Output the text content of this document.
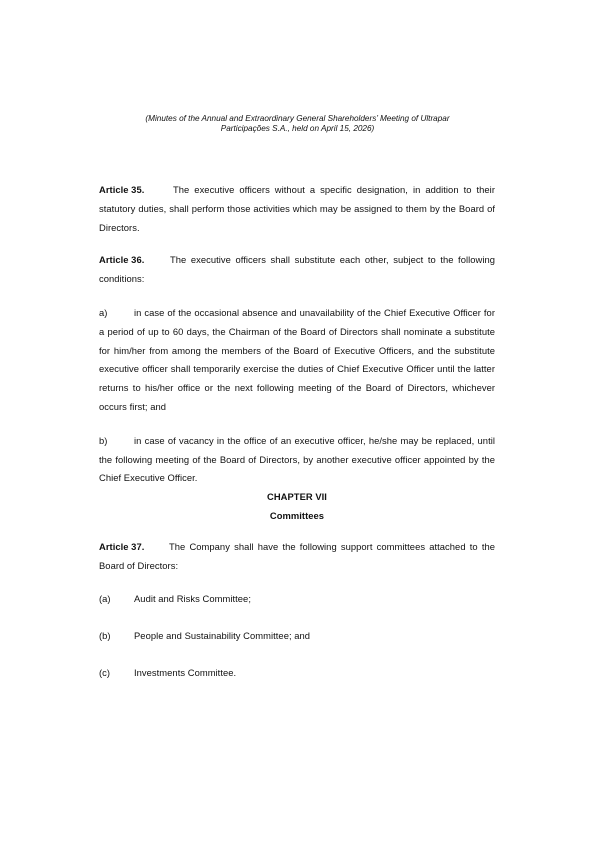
(Minutes of the Annual and Extraordinary General Shareholders’ Meeting of Ultrapar
Participações S.A., held on April 15, 2026)

Article 35.	The executive officers without a specific designation, in addition to their statutory duties, shall perform those activities which may be assigned to them by the Board of Directors.

Article 36.	The executive officers shall substitute each other, subject to the following conditions:

a)	in case of the occasional absence and unavailability of the Chief Executive Officer for a period of up to 60 days, the Chairman of the Board of Directors shall nominate a substitute for him/her from among the members of the Board of Executive Officers, and the substitute executive officer shall temporarily exercise the duties of Chief Executive Officer until the latter returns to his/her office or the next following meeting of the Board of Directors, whichever occurs first; and

b)	in case of vacancy in the office of an executive officer, he/she may be replaced, until the following meeting of the Board of Directors, by another executive officer appointed by the Chief Executive Officer.

CHAPTER VII

Committees

Article 37.	The Company shall have the following support committees attached to the Board of Directors:

(a) Audit and Risks Committee;

(b) People and Sustainability Committee; and

(c)	Investments Committee.
